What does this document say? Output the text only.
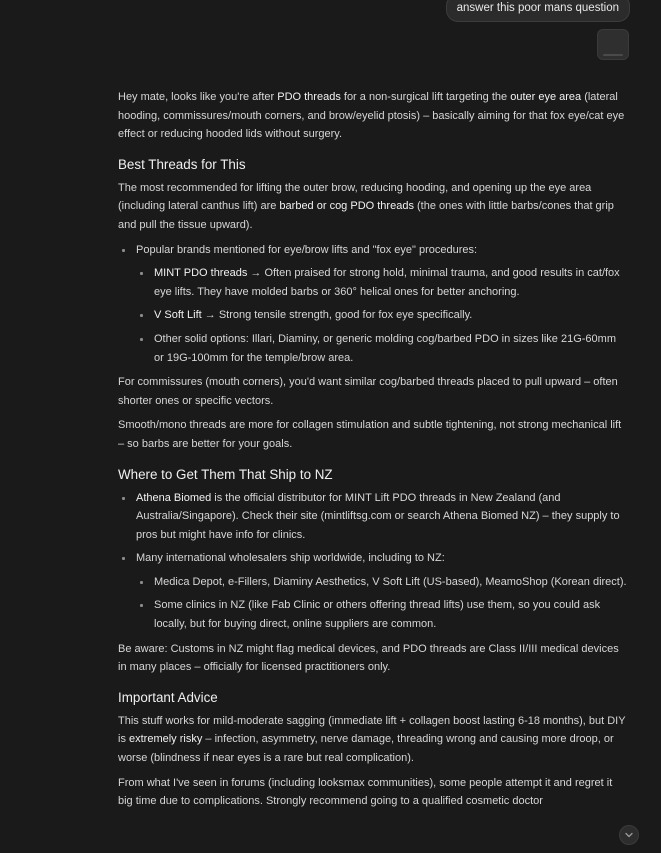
answer this poor mans question

Hey mate, looks like you're after PDO threads for a non-surgical lift targeting the outer eye area (lateral hooding, commissures/mouth corners, and brow/eyelid ptosis) – basically aiming for that fox eye/cat eye effect or reducing hooded lids without surgery.

Best Threads for This

The most recommended for lifting the outer brow, reducing hooding, and opening up the eye area (including lateral canthus lift) are barbed or cog PDO threads (the ones with little barbs/cones that grip and pull the tissue upward).

Popular brands mentioned for eye/brow lifts and "fox eye" procedures:
MINT PDO threads → Often praised for strong hold, minimal trauma, and good results in cat/fox eye lifts. They have molded barbs or 360° helical ones for better anchoring.
V Soft Lift → Strong tensile strength, good for fox eye specifically.
Other solid options: Illari, Diaminy, or generic molding cog/barbed PDO in sizes like 21G-60mm or 19G-100mm for the temple/brow area.

For commissures (mouth corners), you'd want similar cog/barbed threads placed to pull upward – often shorter ones or specific vectors.

Smooth/mono threads are more for collagen stimulation and subtle tightening, not strong mechanical lift – so barbs are better for your goals.

Where to Get Them That Ship to NZ
Athena Biomed is the official distributor for MINT Lift PDO threads in New Zealand (and Australia/Singapore). Check their site (mintliftsg.com or search Athena Biomed NZ) – they supply to pros but might have info for clinics.
Many international wholesalers ship worldwide, including to NZ:
Medica Depot, e-Fillers, Diaminy Aesthetics, V Soft Lift (US-based), MeamoShop (Korean direct).
Some clinics in NZ (like Fab Clinic or others offering thread lifts) use them, so you could ask locally, but for buying direct, online suppliers are common.

Be aware: Customs in NZ might flag medical devices, and PDO threads are Class II/III medical devices in many places – officially for licensed practitioners only.

Important Advice

This stuff works for mild-moderate sagging (immediate lift + collagen boost lasting 6-18 months), but DIY is extremely risky – infection, asymmetry, nerve damage, threading wrong and causing more droop, or worse (blindness if near eyes is a rare but real complication).

From what I've seen in forums (including looksmax communities), some people attempt it and regret it big time due to complications. Strongly recommend going to a qualified cosmetic doctor
